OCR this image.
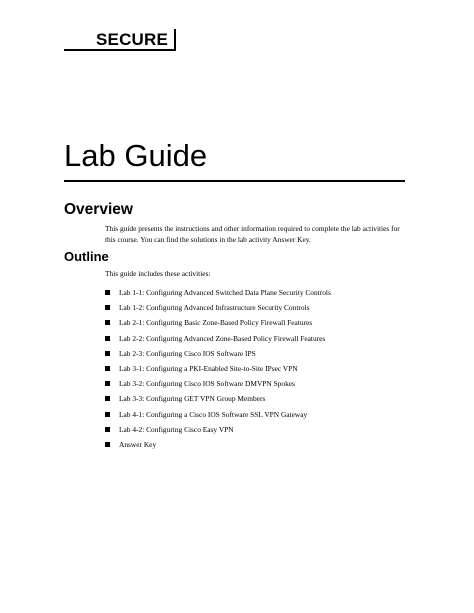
SECURE
Lab Guide
Overview

This guide presents the instructions and other information required to complete the lab activities for this course. You can find the solutions in the lab activity Answer Key.

Outline

This guide includes these activities:

Lab 1-1: Configuring Advanced Switched Data Plane Security Controls
Lab 1-2: Configuring Advanced Infrastructure Security Controls
Lab 2-1: Configuring Basic Zone-Based Policy Firewall Features
Lab 2-2: Configuring Advanced Zone-Based Policy Firewall Features
Lab 2-3: Configuring Cisco IOS Software IPS
Lab 3-1: Configuring a PKI-Enabled Site-to-Site IPsec VPN
Lab 3-2: Configuring Cisco IOS Software DMVPN Spokes
Lab 3-3: Configuring GET VPN Group Members
Lab 4-1: Configuring a Cisco IOS Software SSL VPN Gateway
Lab 4-2: Configuring Cisco Easy VPN
Answer Key
